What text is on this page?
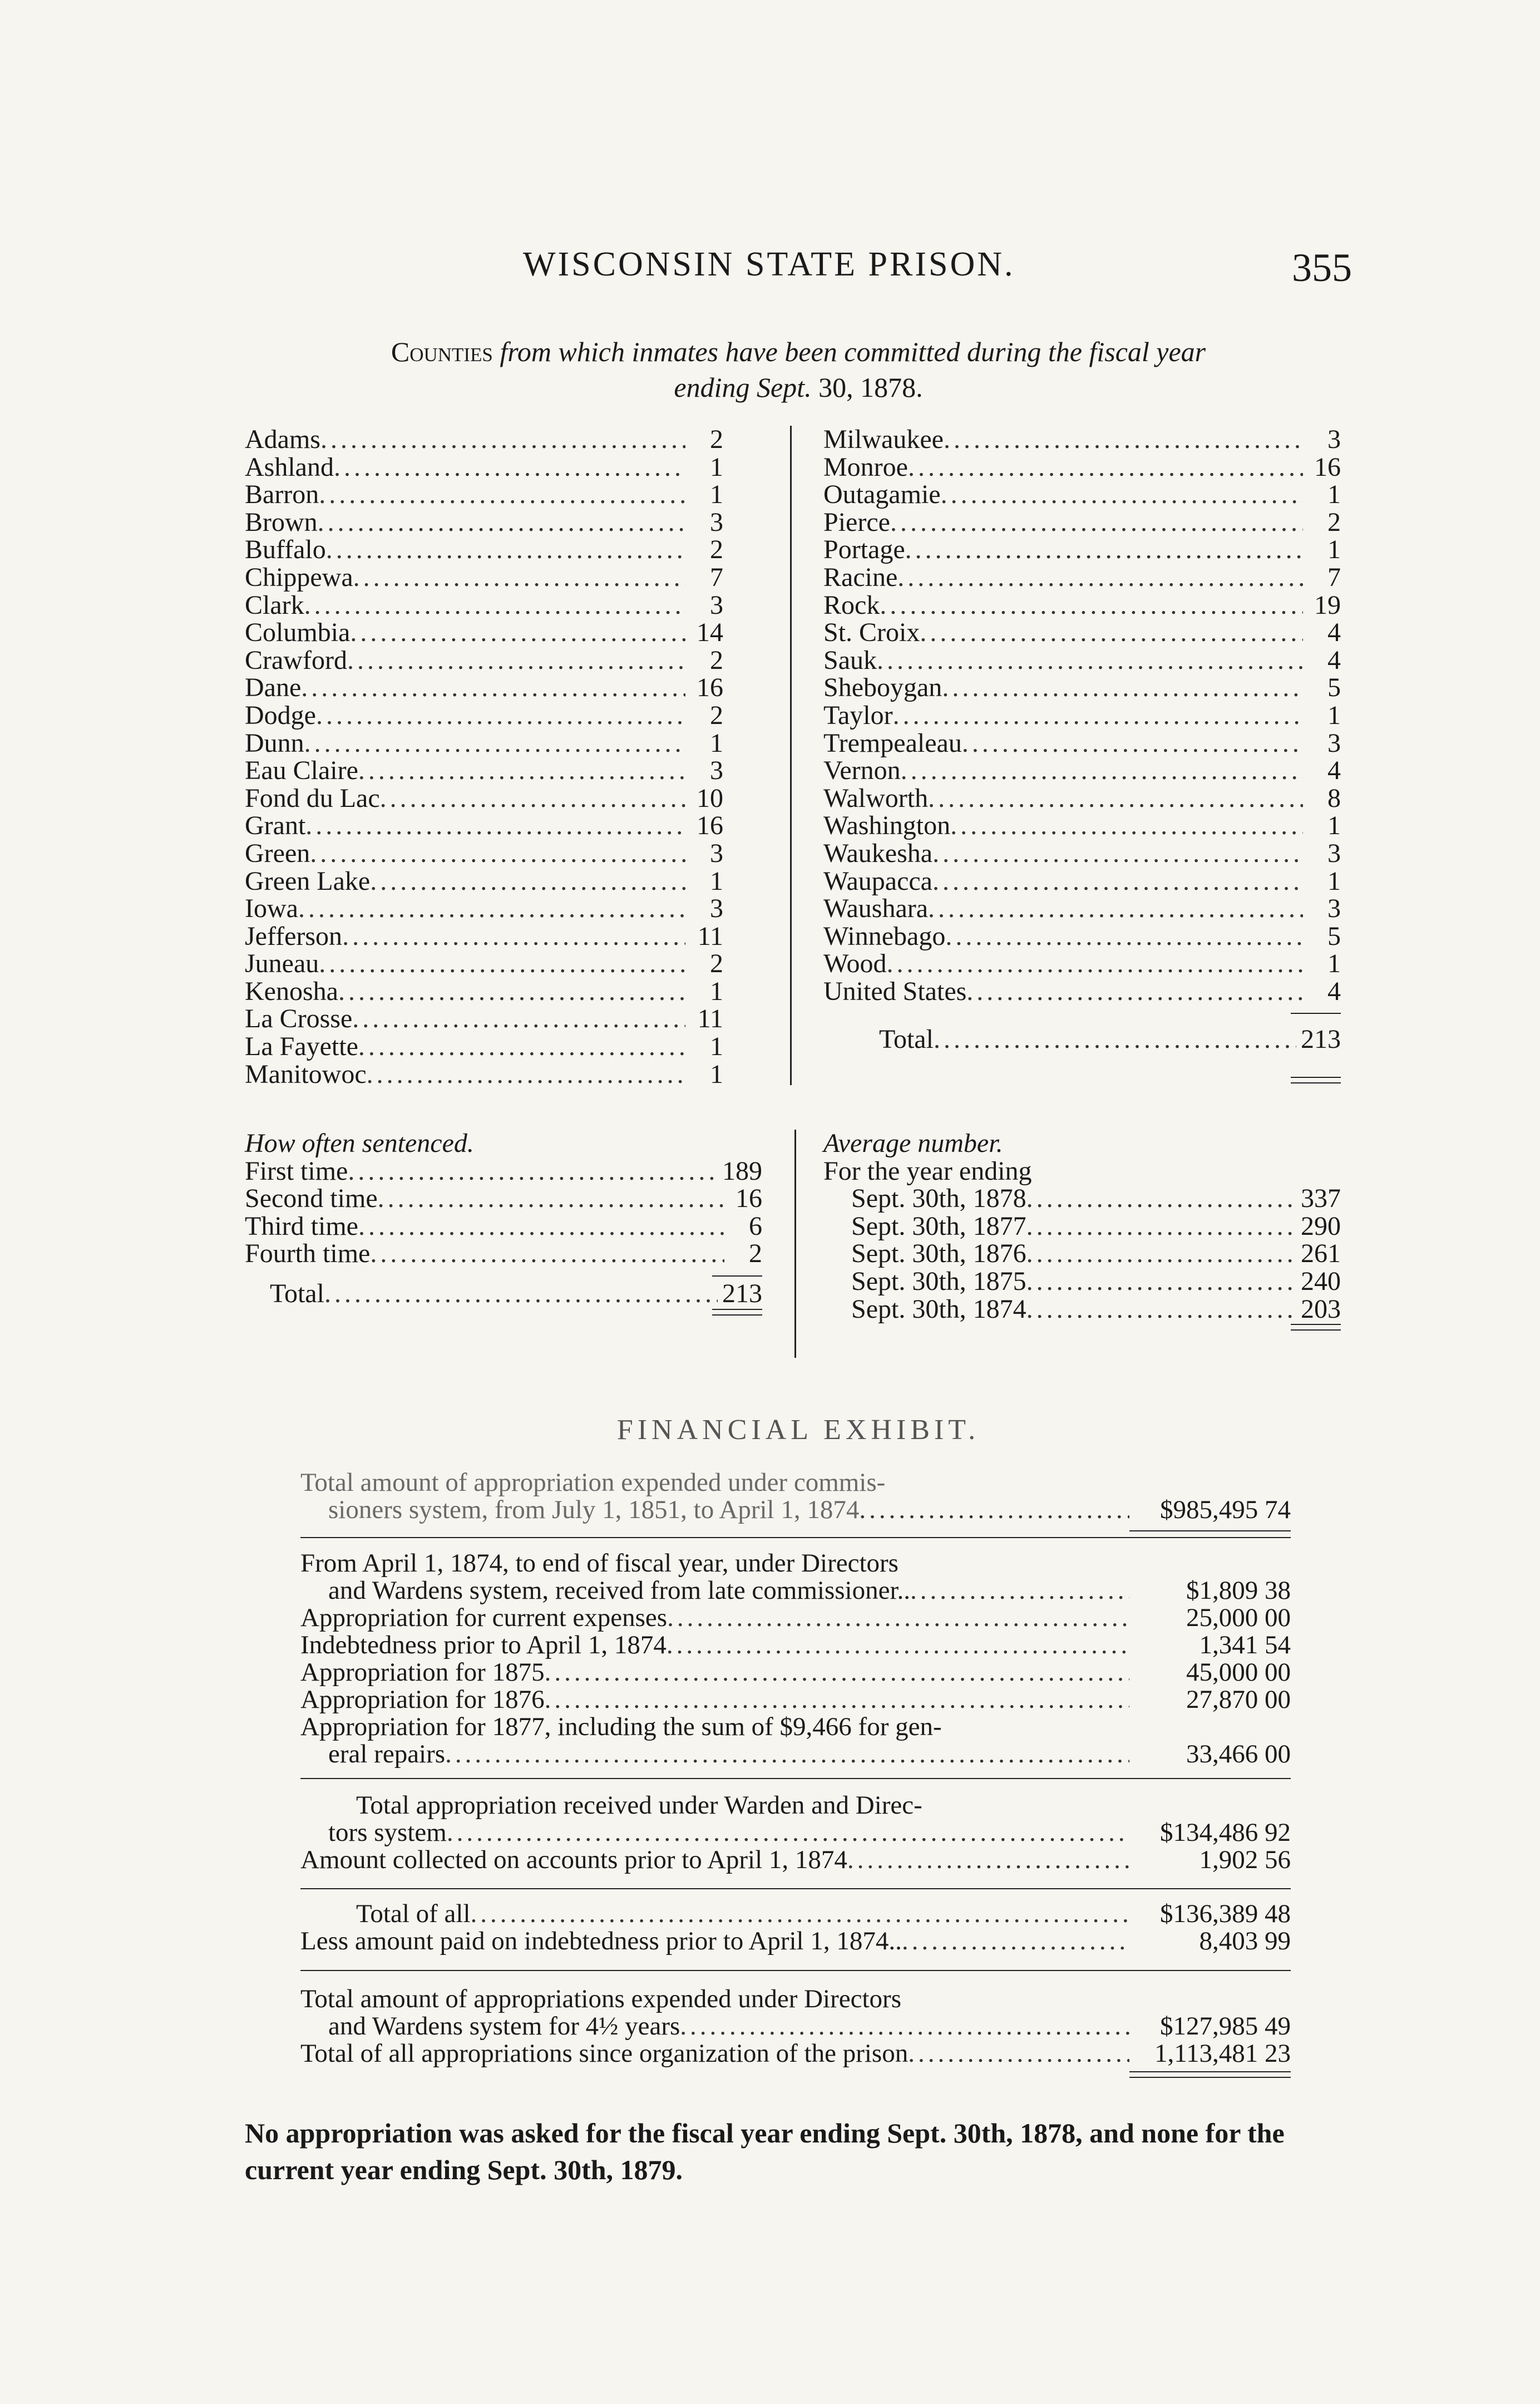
WISCONSIN STATE PRISON.	355
Counties from which inmates have been committed during the fiscal year
ending Sept. 30, 1878.
Adams .....	2
Ashland .....	1
Barron .....	1
Brown .....	3
Buffalo .....	2
Chippewa .....	7
Clark .....	3
Columbia .....	14
Crawford .....	2
Dane .....	16
Dodge .....	2
Dunn .....	1
Eau Claire .....	3
Fond du Lac .....	10
Grant .....	16
Green .....	3
Green Lake .....	1
Iowa .....	3
Jefferson .....	11
Juneau .....	2
Kenosha .....	1
La Crosse .....	11
La Fayette .....	1
Manitowoc .....	1
Milwaukee .....	3
Monroe .....	16
Outagamie .....	1
Pierce .....	2
Portage .....	1
Racine .....	7
Rock .....	19
St. Croix .....	4
Sauk .....	4
Sheboygan .....	5
Taylor .....	1
Trempealeau .....	3
Vernon .....	4
Walworth .....	8
Washington .....	1
Waukesha .....	3
Waupacca .....	1
Waushara .....	3
Winnebago .....	5
Wood .....	1
United States .....	4
Total .....	213
How often sentenced.
First time .....	189
Second time .....	16
Third time .....	6
Fourth time .....	2
Total .....	213
Average number.
For the year ending
Sept. 30th, 1878 .....	337
Sept. 30th, 1877 .....	290
Sept. 30th, 1876 .....	261
Sept. 30th, 1875 .....	240
Sept. 30th, 1874 .....	203
FINANCIAL EXHIBIT.
Total amount of appropriation expended under commis-
sioners system, from July 1, 1851, to April 1, 1874 .....	$985,495 74
From April 1, 1874, to end of fiscal year, under Directors
and Wardens system, received from late commissioner.. .....	$1,809 38
Appropriation for current expenses .....	25,000 00
Indebtedness prior to April 1, 1874 .....	1,341 54
Appropriation for 1875 .....	45,000 00
Appropriation for 1876 .....	27,870 00
Appropriation for 1877, including the sum of $9,466 for gen-
eral repairs .....	33,466 00
Total appropriation received under Warden and Direc-
tors system .....	$134,486 92
Amount collected on accounts prior to April 1, 1874 .....	1,902 56
Total of all .....	$136,389 48
Less amount paid on indebtedness prior to April 1, 1874.. .....	8,403 99
Total amount of appropriations expended under Directors
and Wardens system for 4½ years .....	$127,985 49
Total of all appropriations since organization of the prison .....	1,113,481 23
No appropriation was asked for the fiscal year ending Sept. 30th, 1878, and none for the current year ending Sept. 30th, 1879.
